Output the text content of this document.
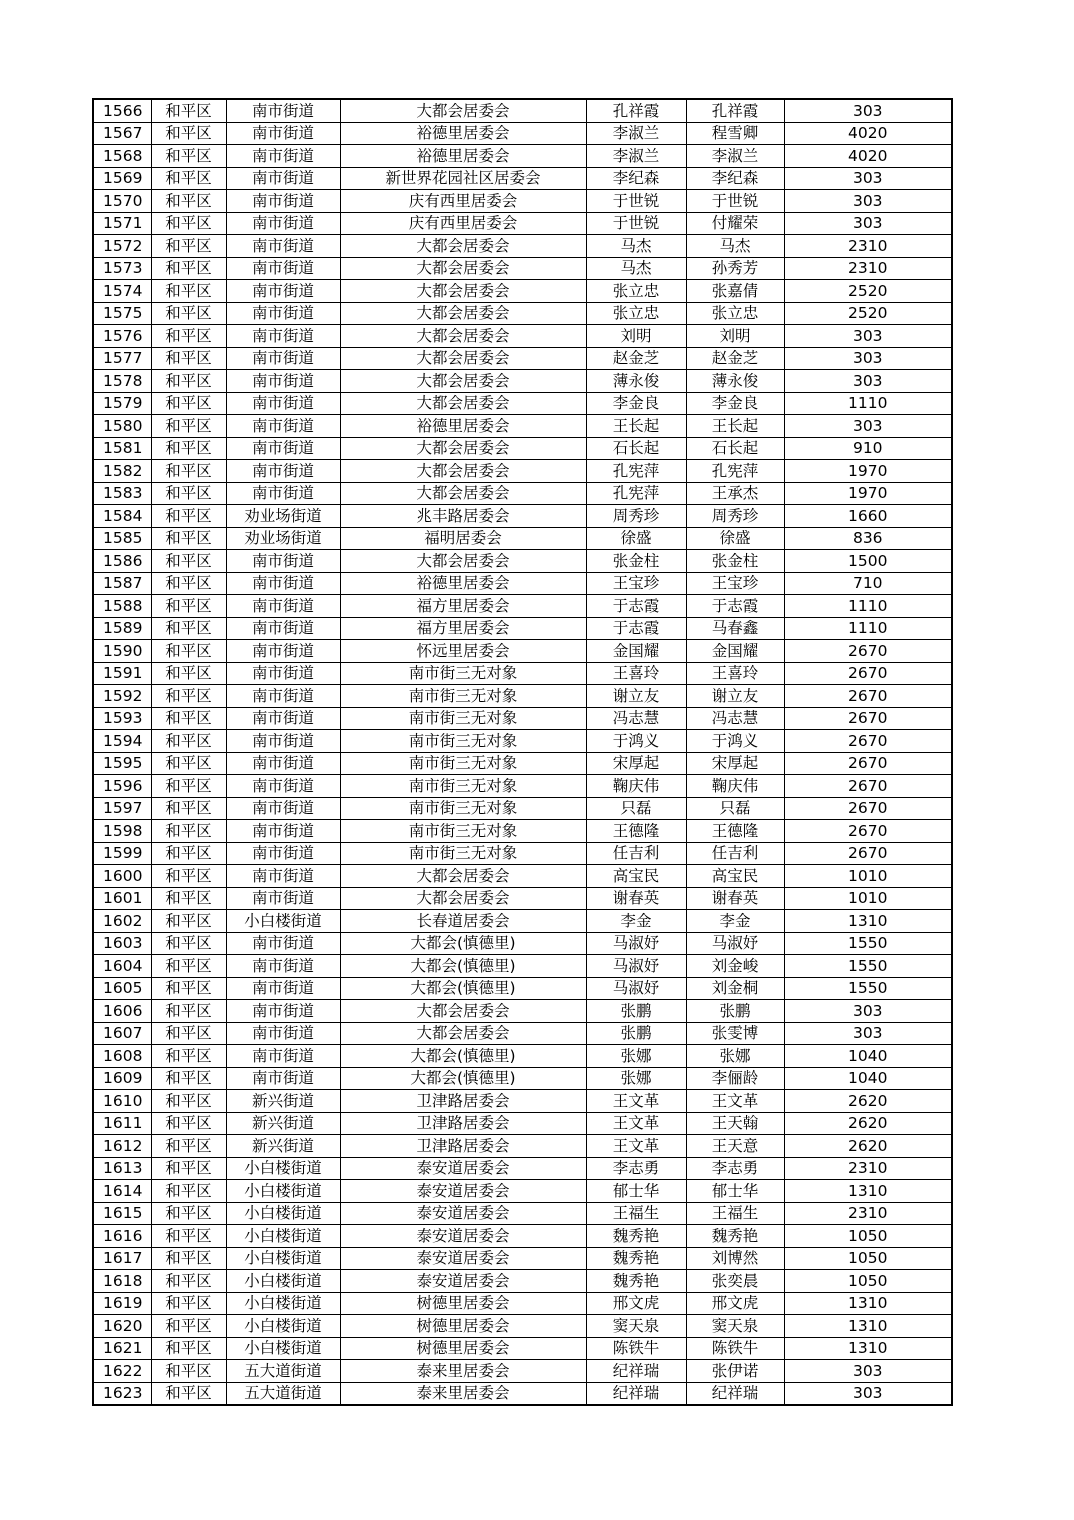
1566	和平区	南市街道	大都会居委会	孔祥霞	孔祥霞	303
1567	和平区	南市街道	裕德里居委会	李淑兰	程雪卿	4020
1568	和平区	南市街道	裕德里居委会	李淑兰	李淑兰	4020
1569	和平区	南市街道	新世界花园社区居委会	李纪森	李纪森	303
1570	和平区	南市街道	庆有西里居委会	于世锐	于世锐	303
1571	和平区	南市街道	庆有西里居委会	于世锐	付耀荣	303
1572	和平区	南市街道	大都会居委会	马杰	马杰	2310
1573	和平区	南市街道	大都会居委会	马杰	孙秀芳	2310
1574	和平区	南市街道	大都会居委会	张立忠	张嘉倩	2520
1575	和平区	南市街道	大都会居委会	张立忠	张立忠	2520
1576	和平区	南市街道	大都会居委会	刘明	刘明	303
1577	和平区	南市街道	大都会居委会	赵金芝	赵金芝	303
1578	和平区	南市街道	大都会居委会	薄永俊	薄永俊	303
1579	和平区	南市街道	大都会居委会	李金良	李金良	1110
1580	和平区	南市街道	裕德里居委会	王长起	王长起	303
1581	和平区	南市街道	大都会居委会	石长起	石长起	910
1582	和平区	南市街道	大都会居委会	孔宪萍	孔宪萍	1970
1583	和平区	南市街道	大都会居委会	孔宪萍	王承杰	1970
1584	和平区	劝业场街道	兆丰路居委会	周秀珍	周秀珍	1660
1585	和平区	劝业场街道	福明居委会	徐盛	徐盛	836
1586	和平区	南市街道	大都会居委会	张金柱	张金柱	1500
1587	和平区	南市街道	裕德里居委会	王宝珍	王宝珍	710
1588	和平区	南市街道	福方里居委会	于志霞	于志霞	1110
1589	和平区	南市街道	福方里居委会	于志霞	马春鑫	1110
1590	和平区	南市街道	怀远里居委会	金国耀	金国耀	2670
1591	和平区	南市街道	南市街三无对象	王喜玲	王喜玲	2670
1592	和平区	南市街道	南市街三无对象	谢立友	谢立友	2670
1593	和平区	南市街道	南市街三无对象	冯志慧	冯志慧	2670
1594	和平区	南市街道	南市街三无对象	于鸿义	于鸿义	2670
1595	和平区	南市街道	南市街三无对象	宋厚起	宋厚起	2670
1596	和平区	南市街道	南市街三无对象	鞠庆伟	鞠庆伟	2670
1597	和平区	南市街道	南市街三无对象	只磊	只磊	2670
1598	和平区	南市街道	南市街三无对象	王德隆	王德隆	2670
1599	和平区	南市街道	南市街三无对象	任吉利	任吉利	2670
1600	和平区	南市街道	大都会居委会	高宝民	高宝民	1010
1601	和平区	南市街道	大都会居委会	谢春英	谢春英	1010
1602	和平区	小白楼街道	长春道居委会	李金	李金	1310
1603	和平区	南市街道	大都会(慎德里)	马淑妤	马淑妤	1550
1604	和平区	南市街道	大都会(慎德里)	马淑妤	刘金峻	1550
1605	和平区	南市街道	大都会(慎德里)	马淑妤	刘金桐	1550
1606	和平区	南市街道	大都会居委会	张鹏	张鹏	303
1607	和平区	南市街道	大都会居委会	张鹏	张雯博	303
1608	和平区	南市街道	大都会(慎德里)	张娜	张娜	1040
1609	和平区	南市街道	大都会(慎德里)	张娜	李俪龄	1040
1610	和平区	新兴街道	卫津路居委会	王文革	王文革	2620
1611	和平区	新兴街道	卫津路居委会	王文革	王天翰	2620
1612	和平区	新兴街道	卫津路居委会	王文革	王天意	2620
1613	和平区	小白楼街道	泰安道居委会	李志勇	李志勇	2310
1614	和平区	小白楼街道	泰安道居委会	郁士华	郁士华	1310
1615	和平区	小白楼街道	泰安道居委会	王福生	王福生	2310
1616	和平区	小白楼街道	泰安道居委会	魏秀艳	魏秀艳	1050
1617	和平区	小白楼街道	泰安道居委会	魏秀艳	刘博然	1050
1618	和平区	小白楼街道	泰安道居委会	魏秀艳	张奕晨	1050
1619	和平区	小白楼街道	树德里居委会	邢文虎	邢文虎	1310
1620	和平区	小白楼街道	树德里居委会	窦天泉	窦天泉	1310
1621	和平区	小白楼街道	树德里居委会	陈铁牛	陈铁牛	1310
1622	和平区	五大道街道	泰来里居委会	纪祥瑞	张伊诺	303
1623	和平区	五大道街道	泰来里居委会	纪祥瑞	纪祥瑞	303
